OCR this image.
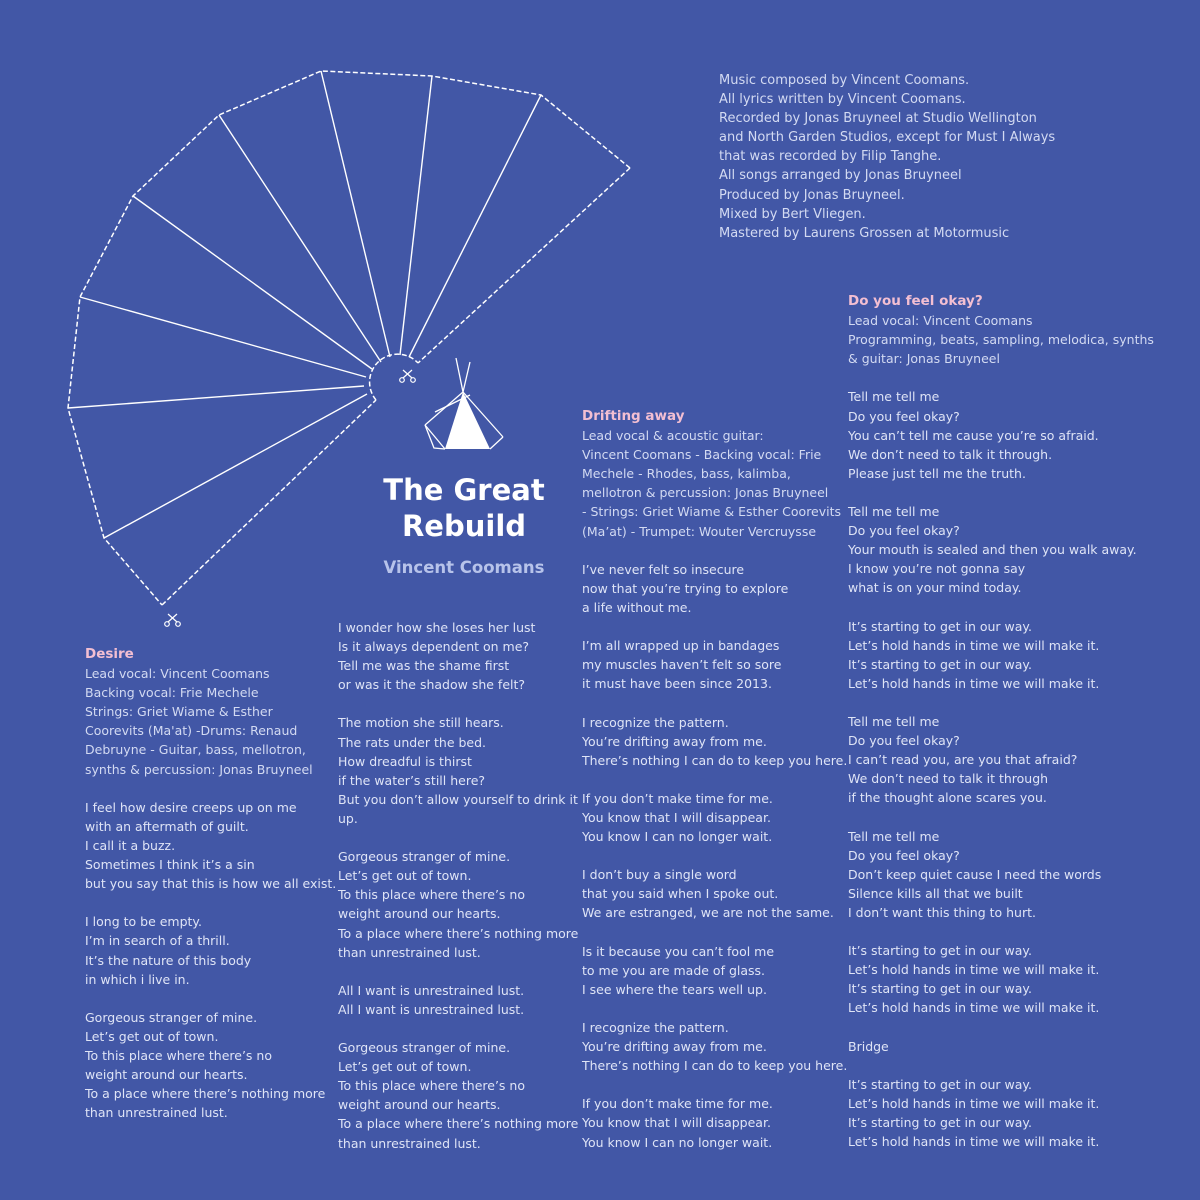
The Great
Rebuild
Vincent Coomans
Music composed by Vincent Coomans.
All lyrics written by Vincent Coomans.
Recorded by Jonas Bruyneel at Studio Wellington
and North Garden Studios, except for Must I Always
that was recorded by Filip Tanghe.
All songs arranged by Jonas Bruyneel
Produced by Jonas Bruyneel.
Mixed by Bert Vliegen.
Mastered by Laurens Grossen at Motormusic
Desire
Lead vocal: Vincent Coomans
Backing vocal: Frie Mechele
Strings: Griet Wiame & Esther
Coorevits (Ma'at) -Drums: Renaud
Debruyne - Guitar, bass, mellotron,
synths & percussion: Jonas Bruyneel
I feel how desire creeps up on me
with an aftermath of guilt.
I call it a buzz.
Sometimes I think it’s a sin
but you say that this is how we all exist.
I long to be empty.
I’m in search of a thrill.
It’s the nature of this body
in which i live in.
Gorgeous stranger of mine.
Let’s get out of town.
To this place where there’s no
weight around our hearts.
To a place where there’s nothing more
than unrestrained lust.
I wonder how she loses her lust
Is it always dependent on me?
Tell me was the shame first
or was it the shadow she felt?
The motion she still hears.
The rats under the bed.
How dreadful is thirst
if the water’s still here?
But you don’t allow yourself to drink it
up.
Gorgeous stranger of mine.
Let’s get out of town.
To this place where there’s no
weight around our hearts.
To a place where there’s nothing more
than unrestrained lust.
All I want is unrestrained lust.
All I want is unrestrained lust.
Gorgeous stranger of mine.
Let’s get out of town.
To this place where there’s no
weight around our hearts.
To a place where there’s nothing more
than unrestrained lust.
Drifting away
Lead vocal & acoustic guitar:
Vincent Coomans - Backing vocal: Frie
Mechele - Rhodes, bass, kalimba,
mellotron & percussion: Jonas Bruyneel
- Strings: Griet Wiame & Esther Coorevits
(Ma’at) - Trumpet: Wouter Vercruysse
I’ve never felt so insecure
now that you’re trying to explore
a life without me.
I’m all wrapped up in bandages
my muscles haven’t felt so sore
it must have been since 2013.
I recognize the pattern.
You’re drifting away from me.
There’s nothing I can do to keep you here.
If you don’t make time for me.
You know that I will disappear.
You know I can no longer wait.
I don’t buy a single word
that you said when I spoke out.
We are estranged, we are not the same.
Is it because you can’t fool me
to me you are made of glass.
I see where the tears well up.
I recognize the pattern.
You’re drifting away from me.
There’s nothing I can do to keep you here.
If you don’t make time for me.
You know that I will disappear.
You know I can no longer wait.
Do you feel okay?
Lead vocal: Vincent Coomans
Programming, beats, sampling, melodica, synths
& guitar: Jonas Bruyneel
Tell me tell me
Do you feel okay?
You can’t tell me cause you’re so afraid.
We don’t need to talk it through.
Please just tell me the truth.
Tell me tell me
Do you feel okay?
Your mouth is sealed and then you walk away.
I know you’re not gonna say
what is on your mind today.
It’s starting to get in our way.
Let’s hold hands in time we will make it.
It’s starting to get in our way.
Let’s hold hands in time we will make it.
Tell me tell me
Do you feel okay?
I can’t read you, are you that afraid?
We don’t need to talk it through
if the thought alone scares you.
Tell me tell me
Do you feel okay?
Don’t keep quiet cause I need the words
Silence kills all that we built
I don’t want this thing to hurt.
It’s starting to get in our way.
Let’s hold hands in time we will make it.
It’s starting to get in our way.
Let’s hold hands in time we will make it.
Bridge
It’s starting to get in our way.
Let’s hold hands in time we will make it.
It’s starting to get in our way.
Let’s hold hands in time we will make it.
